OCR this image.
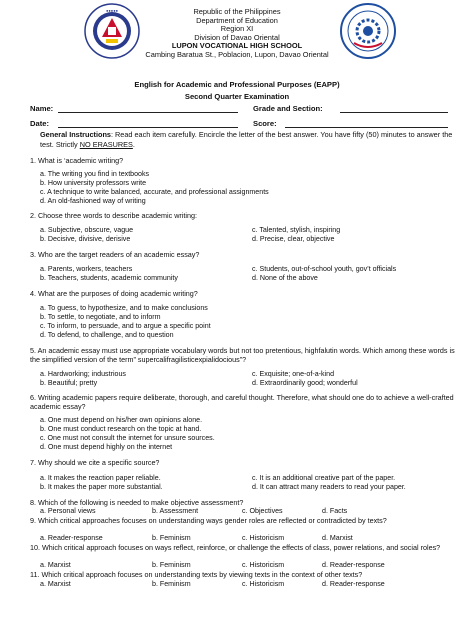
●●●●●	Republic of the Philippines
Department of Education
Region XI
Division of Davao Oriental
LUPON VOCATIONAL HIGH SCHOOL
Cambing Baratua St., Poblacion, Lupon, Davao Oriental
English for Academic and Professional Purposes (EAPP)
Second Quarter Examination
Name:	Grade and Section:
Date:	Score:
General Instructions: Read each item carefully. Encircle the letter of the best answer. You have fifty (50) minutes to answer the test. Strictly NO ERASURES.
1. What is ‘academic writing?
a. The writing you find in textbooks
b. How university professors write
c. A technique to write balanced, accurate, and professional assignments
d. An old-fashioned way of writing
2. Choose three words to describe academic writing:
a. Subjective, obscure, vague
b. Decisive, divisive, derisive
c. Talented, stylish, inspiring
d. Precise, clear, objective
3. Who are the target readers of an academic essay?
a. Parents, workers, teachers
b. Teachers, students, academic community
c. Students, out-of-school youth, gov’t officials
d. None of the above
4. What are the purposes of doing academic writing?
a. To guess, to hypothesize, and to make conclusions
b. To settle, to negotiate, and to inform
c. To inform, to persuade, and to argue a specific point
d. To defend, to challenge, and to question
5. An academic essay must use appropriate vocabulary words but not too pretentious, highfalutin words. Which among these words is the simplified version of the term” supercalifragilisticexpialidocious”?
a. Hardworking; industrious
b. Beautiful; pretty
c. Exquisite; one-of-a-kind
d. Extraordinarily good; wonderful
6. Writing academic papers require deliberate, thorough, and careful thought. Therefore, what should one do to achieve a well-crafted academic essay?
a. One must depend on his/her own opinions alone.
b. One must conduct research on the topic at hand.
c. One must not consult the internet for unsure sources.
d. One must depend highly on the internet
7. Why should we cite a specific source?
a. It makes the reaction paper reliable.
b. It makes the paper more substantial.
c. It is an additional creative part of the paper.
d. It can attract many readers to read your paper.
8. Which of the following is needed to make objective assessment?
a. Personal views	b. Assessment	c. Objectives	d. Facts
9. Which critical approaches focuses on understanding ways gender roles are reflected or contradicted by texts?
a. Reader-response	b. Feminism	c. Historicism	d. Marxist
10. Which critical approach focuses on ways reflect, reinforce, or challenge the effects of class, power relations, and social roles?
a. Marxist	b. Feminism	c. Historicism	d. Reader-response
11. Which critical approach focuses on understanding texts by viewing texts in the context of other texts?
a. Marxist	b. Feminism	c. Historicism	d. Reader-response
